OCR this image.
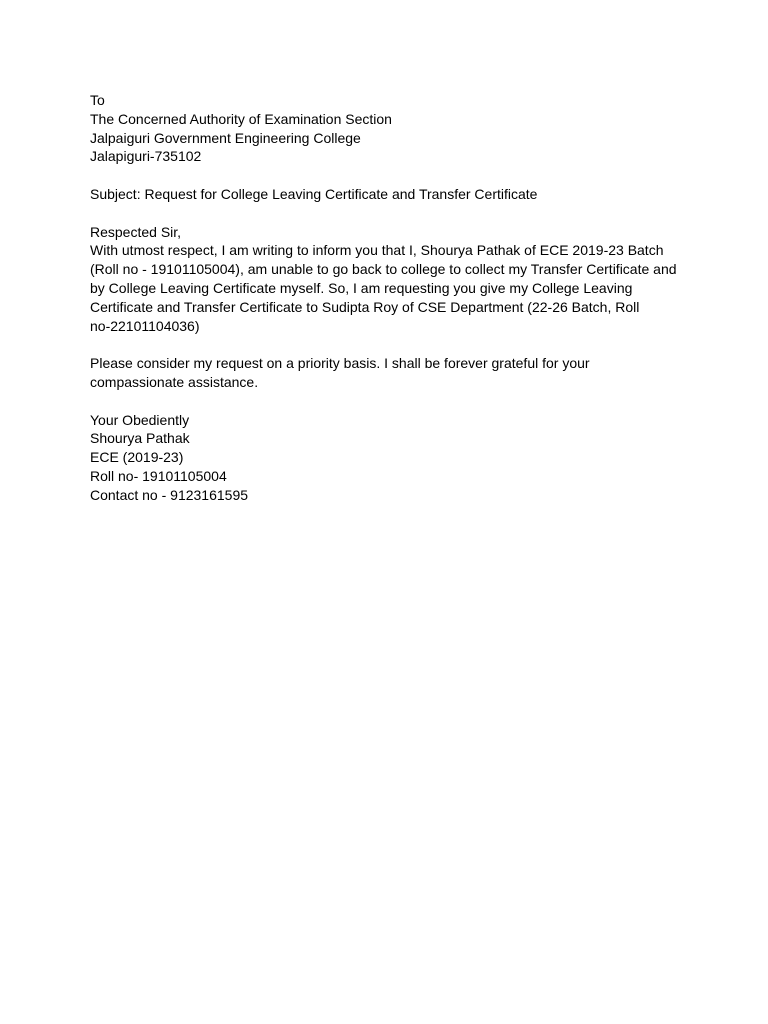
To
The Concerned Authority of Examination Section
Jalpaiguri Government Engineering College
Jalapiguri-735102
Subject: Request for College Leaving Certificate and Transfer Certificate
Respected Sir,
With utmost respect, I am writing to inform you that I, Shourya Pathak of ECE 2019-23 Batch
(Roll no - 19101105004), am unable to go back to college to collect my Transfer Certificate and
by College Leaving Certificate myself. So, I am requesting you give my College Leaving
Certificate and Transfer Certificate to Sudipta Roy of CSE Department (22-26 Batch, Roll
no-22101104036)
Please consider my request on a priority basis. I shall be forever grateful for your
compassionate assistance.
Your Obediently
Shourya Pathak
ECE (2019-23)
Roll no- 19101105004
Contact no - 9123161595
